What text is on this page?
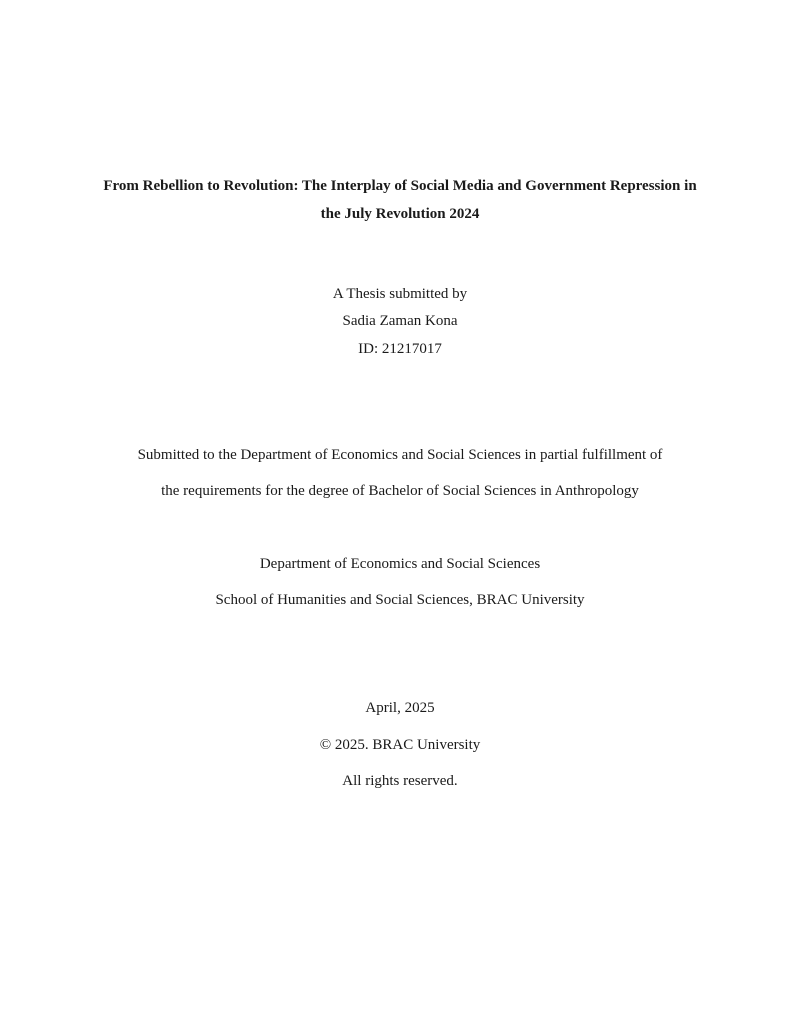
From Rebellion to Revolution: The Interplay of Social Media and Government Repression in
the July Revolution 2024
A Thesis submitted by
Sadia Zaman Kona
ID: 21217017
Submitted to the Department of Economics and Social Sciences in partial fulfillment of
the requirements for the degree of Bachelor of Social Sciences in Anthropology
Department of Economics and Social Sciences
School of Humanities and Social Sciences, BRAC University
April, 2025
© 2025. BRAC University
All rights reserved.
